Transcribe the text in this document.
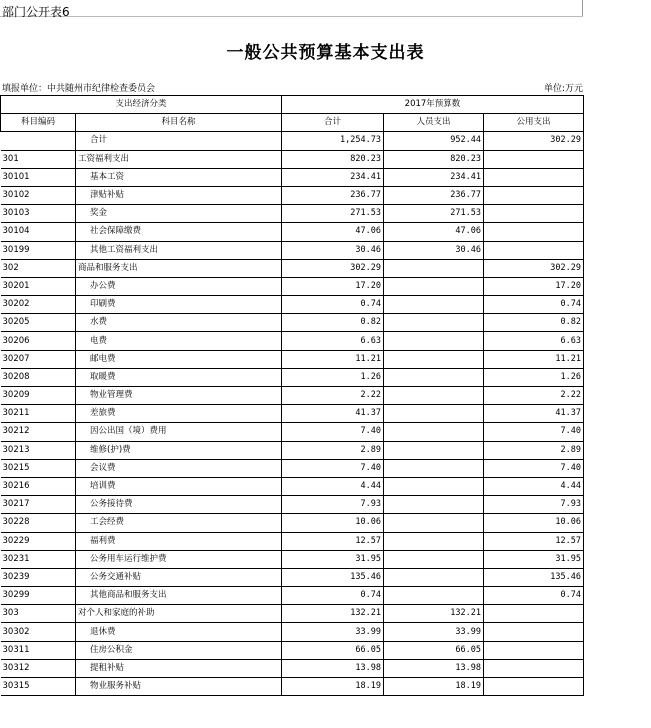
部门公开表6
一般公共预算基本支出表
填报单位：中共随州市纪律检查委员会	单位:万元
支出经济分类		2017年预算数		
科目编码	科目名称	合计	人员支出	公用支出
	合计	1,254.73	952.44	302.29
301	工资福利支出	820.23	820.23	
30101	基本工资	234.41	234.41	
30102	津贴补贴	236.77	236.77	
30103	奖金	271.53	271.53	
30104	社会保障缴费	47.06	47.06	
30199	其他工资福利支出	30.46	30.46	
302	商品和服务支出	302.29		302.29
30201	办公费	17.20		17.20
30202	印刷费	0.74		0.74
30205	水费	0.82		0.82
30206	电费	6.63		6.63
30207	邮电费	11.21		11.21
30208	取暖费	1.26		1.26
30209	物业管理费	2.22		2.22
30211	差旅费	41.37		41.37
30212	因公出国（境）费用	7.40		7.40
30213	维修(护)费	2.89		2.89
30215	会议费	7.40		7.40
30216	培训费	4.44		4.44
30217	公务接待费	7.93		7.93
30228	工会经费	10.06		10.06
30229	福利费	12.57		12.57
30231	公务用车运行维护费	31.95		31.95
30239	公务交通补贴	135.46		135.46
30299	其他商品和服务支出	0.74		0.74
303	对个人和家庭的补助	132.21	132.21	
30302	退休费	33.99	33.99	
30311	住房公积金	66.05	66.05	
30312	提租补贴	13.98	13.98	
30315	物业服务补贴	18.19	18.19	
